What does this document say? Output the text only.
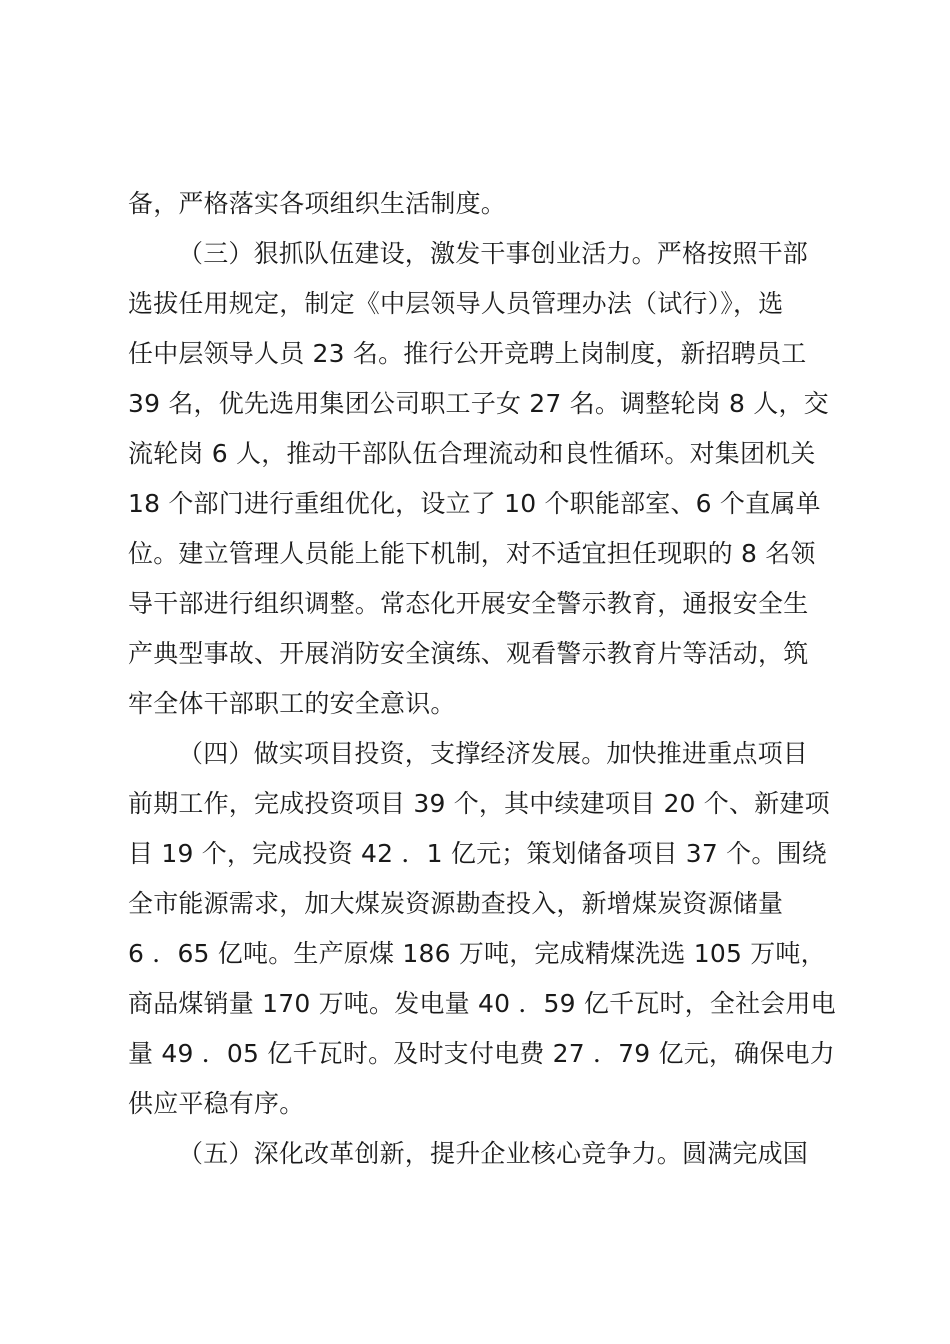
备，严格落实各项组织生活制度。
（三）狠抓队伍建设，激发干事创业活力。严格按照干部
选拔任用规定，制定《中层领导人员管理办法（试行）》，选
任中层领导人员 23 名。推行公开竞聘上岗制度，新招聘员工
39 名，优先选用集团公司职工子女 27 名。调整轮岗 8 人，交
流轮岗 6 人，推动干部队伍合理流动和良性循环。对集团机关
18 个部门进行重组优化，设立了 10 个职能部室、6 个直属单
位。建立管理人员能上能下机制，对不适宜担任现职的 8 名领
导干部进行组织调整。常态化开展安全警示教育，通报安全生
产典型事故、开展消防安全演练、观看警示教育片等活动，筑
牢全体干部职工的安全意识。
（四）做实项目投资，支撑经济发展。加快推进重点项目
前期工作，完成投资项目 39 个，其中续建项目 20 个、新建项
目 19 个，完成投资 42 ．1 亿元；策划储备项目 37 个。围绕
全市能源需求，加大煤炭资源勘查投入，新增煤炭资源储量
6 ．65 亿吨。生产原煤 186 万吨，完成精煤洗选 105 万吨，
商品煤销量 170 万吨。发电量 40 ．59 亿千瓦时，全社会用电
量 49 ．05 亿千瓦时。及时支付电费 27 ．79 亿元，确保电力
供应平稳有序。
（五）深化改革创新，提升企业核心竞争力。圆满完成国
